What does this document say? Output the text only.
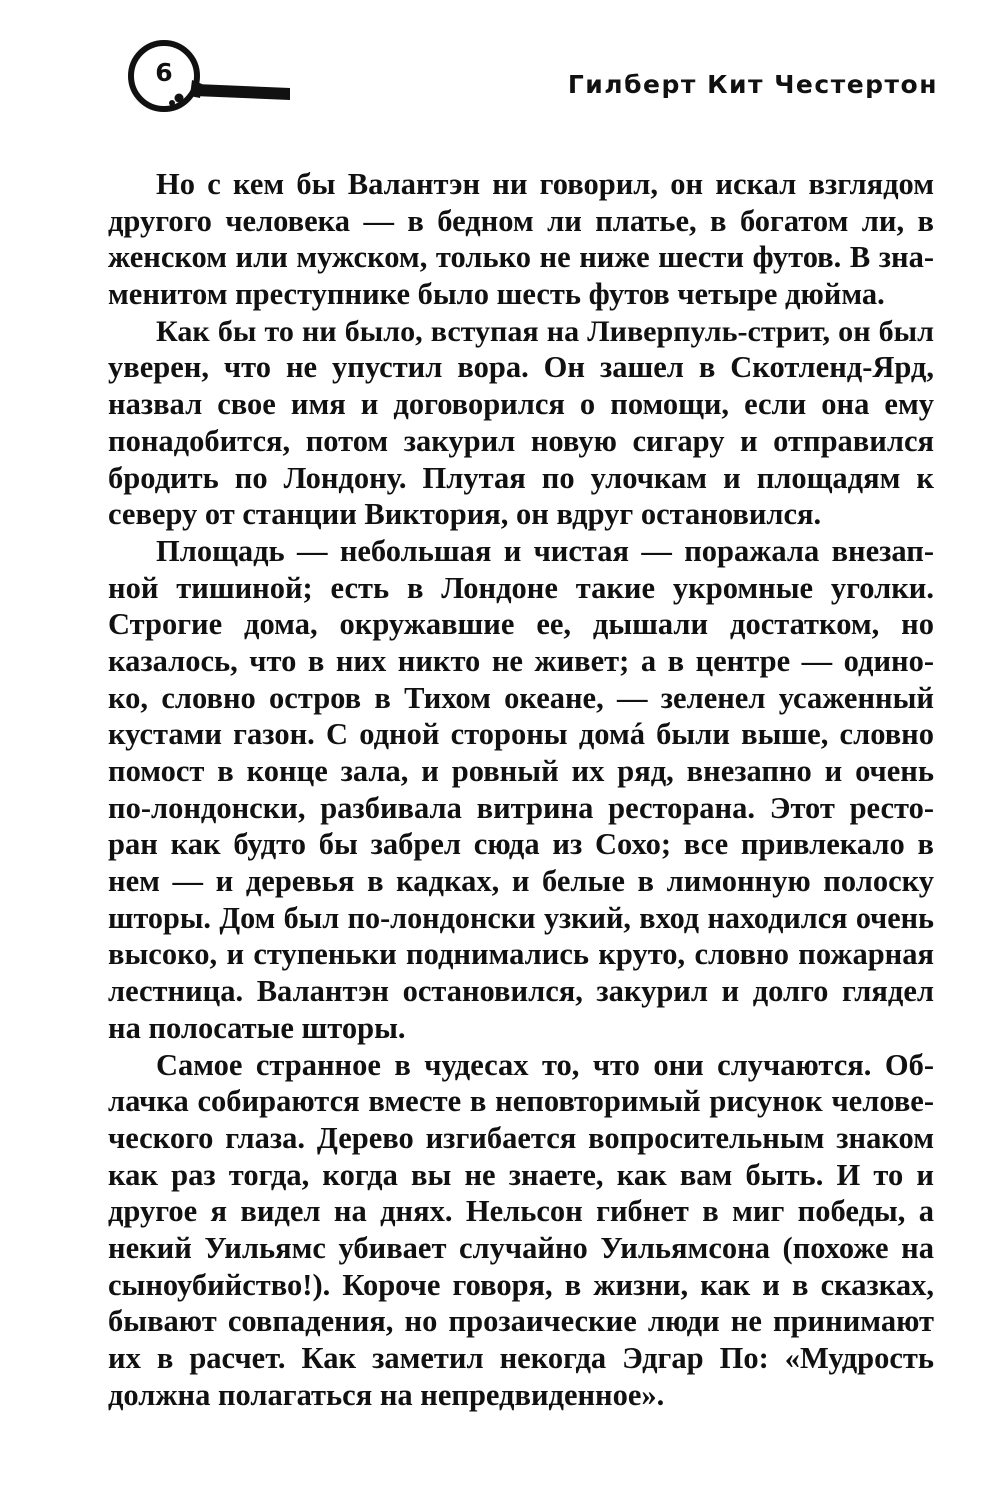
6	Гилберт Кит Честертон
Но с кем бы Валантэн ни говорил, он искал взглядом
другого человека — в бедном ли платье, в богатом ли, в
женском или мужском, только не ниже шести футов. В зна-
менитом преступнике было шесть футов четыре дюйма.
Как бы то ни было, вступая на Ливерпуль-стрит, он был
уверен, что не упустил вора. Он зашел в Скотленд-Ярд,
назвал свое имя и договорился о помощи, если она ему
понадобится, потом закурил новую сигару и отправился
бродить по Лондону. Плутая по улочкам и площадям к
северу от станции Виктория, он вдруг остановился.
Площадь — небольшая и чистая — поражала внезап-
ной тишиной; есть в Лондоне такие укромные уголки.
Строгие дома, окружавшие ее, дышали достатком, но
казалось, что в них никто не живет; а в центре — одино-
ко, словно остров в Тихом океане, — зеленел усаженный
кустами газон. С одной стороны домá были выше, словно
помост в конце зала, и ровный их ряд, внезапно и очень
по-лондонски, разбивала витрина ресторана. Этот ресто-
ран как будто бы забрел сюда из Сохо; все привлекало в
нем — и деревья в кадках, и белые в лимонную полоску
шторы. Дом был по-лондонски узкий, вход находился очень
высоко, и ступеньки поднимались круто, словно пожарная
лестница. Валантэн остановился, закурил и долго глядел
на полосатые шторы.
Самое странное в чудесах то, что они случаются. Об-
лачка собираются вместе в неповторимый рисунок челове-
ческого глаза. Дерево изгибается вопросительным знаком
как раз тогда, когда вы не знаете, как вам быть. И то и
другое я видел на днях. Нельсон гибнет в миг победы, а
некий Уильямс убивает случайно Уильямсона (похоже на
сыноубийство!). Короче говоря, в жизни, как и в сказках,
бывают совпадения, но прозаические люди не принимают
их в расчет. Как заметил некогда Эдгар По: «Мудрость
должна полагаться на непредвиденное».
